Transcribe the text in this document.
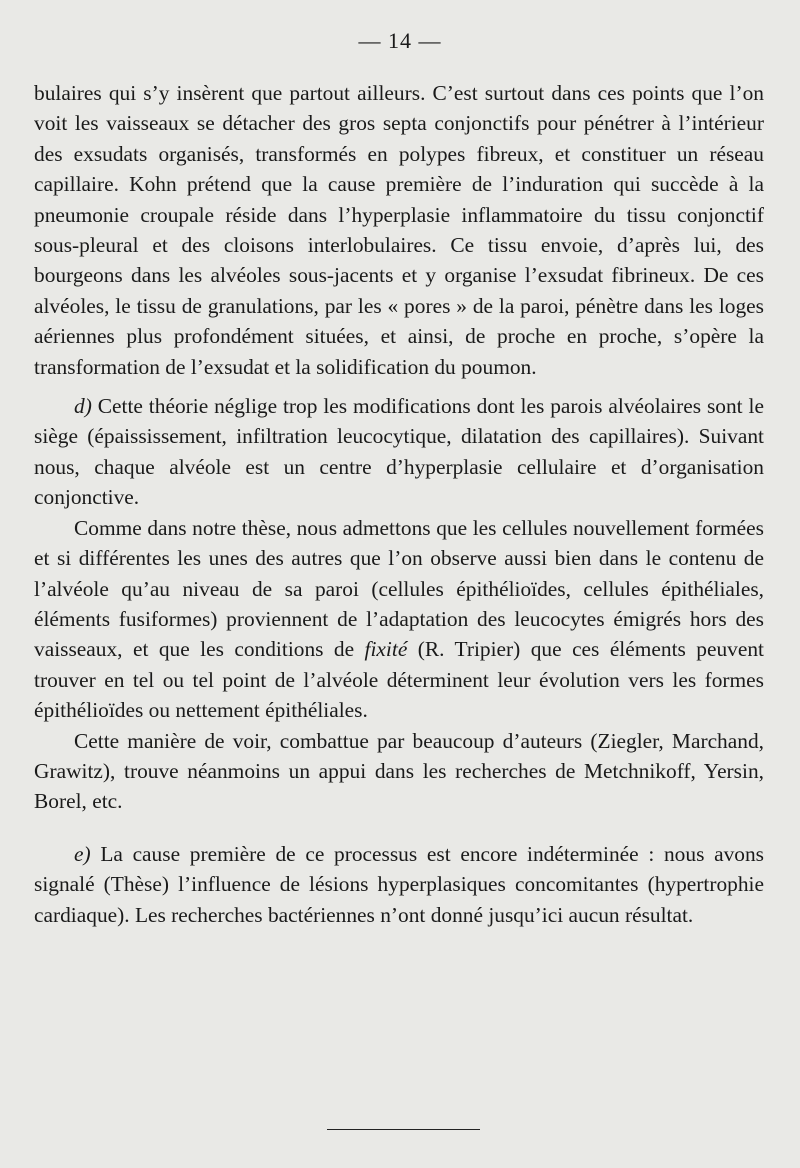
— 14 —

bulaires qui s’y insèrent que partout ailleurs. C’est surtout dans ces points que l’on voit les vaisseaux se détacher des gros septa conjonctifs pour pénétrer à l’intérieur des exsudats organisés, transformés en polypes fibreux, et constituer un réseau capillaire. Kohn prétend que la cause première de l’induration qui succède à la pneumonie croupale réside dans l’hyperplasie inflammatoire du tissu conjonctif sous-pleural et des cloisons interlobulaires. Ce tissu envoie, d’après lui, des bourgeons dans les alvéoles sous-jacents et y organise l’exsudat fibrineux. De ces alvéoles, le tissu de granulations, par les « pores » de la paroi, pénètre dans les loges aériennes plus profondément situées, et ainsi, de proche en proche, s’opère la transformation de l’exsudat et la solidification du poumon.

d) Cette théorie néglige trop les modifications dont les parois alvéolaires sont le siège (épaississement, infiltration leucocytique, dilatation des capillaires). Suivant nous, chaque alvéole est un centre d’hyperplasie cellulaire et d’organisation conjonctive.

Comme dans notre thèse, nous admettons que les cellules nouvellement formées et si différentes les unes des autres que l’on observe aussi bien dans le contenu de l’alvéole qu’au niveau de sa paroi (cellules épithélioïdes, cellules épithéliales, éléments fusiformes) proviennent de l’adaptation des leucocytes émigrés hors des vaisseaux, et que les conditions de fixité (R. Tripier) que ces éléments peuvent trouver en tel ou tel point de l’alvéole déterminent leur évolution vers les formes épithélioïdes ou nettement épithéliales.

Cette manière de voir, combattue par beaucoup d’auteurs (Ziegler, Marchand, Grawitz), trouve néanmoins un appui dans les recherches de Metchnikoff, Yersin, Borel, etc.

e) La cause première de ce processus est encore indéterminée : nous avons signalé (Thèse) l’influence de lésions hyperplasiques concomitantes (hypertrophie cardiaque). Les recherches bactériennes n’ont donné jusqu’ici aucun résultat.
